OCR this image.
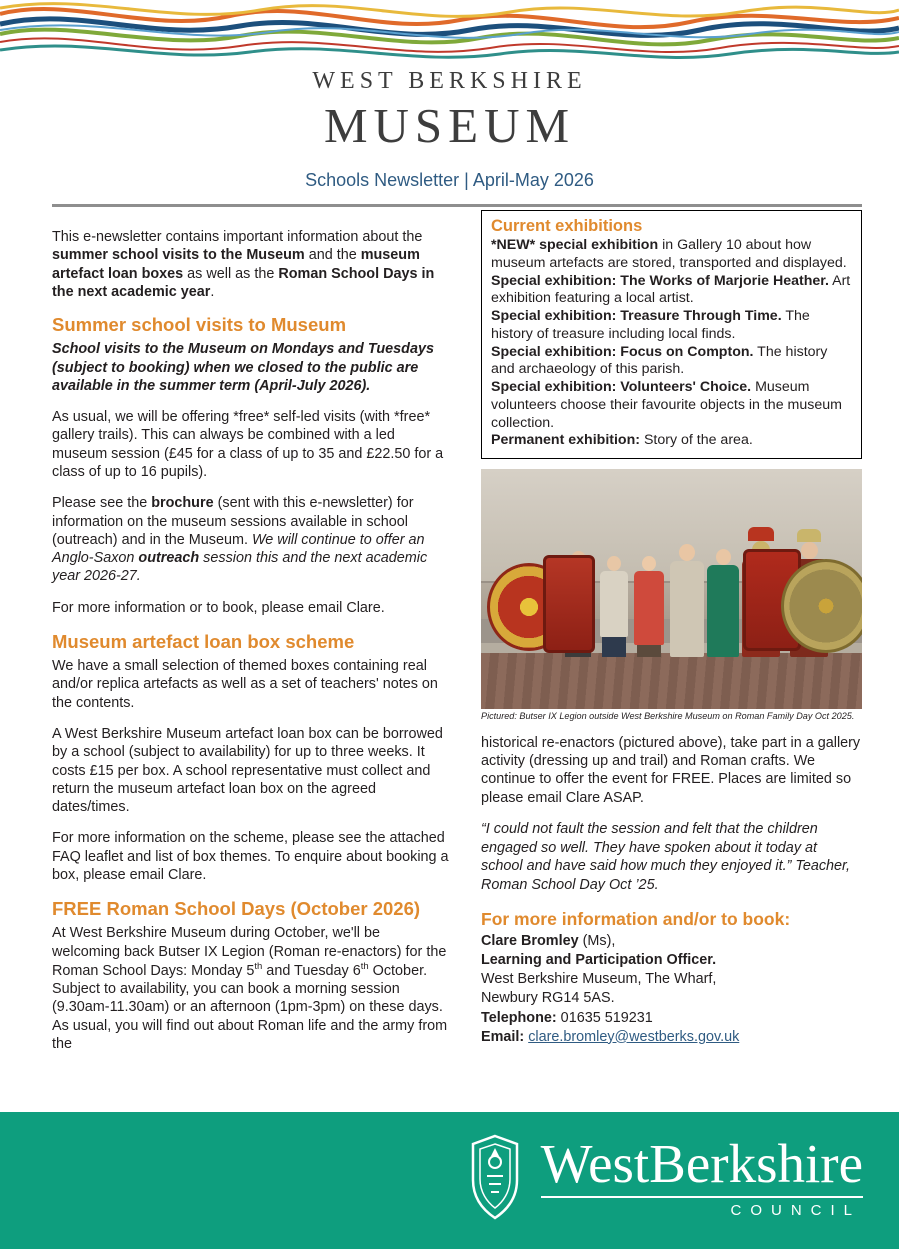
WEST BERKSHIRE
MUSEUM
Schools Newsletter | April-May 2026

This e-newsletter contains important information about the summer school visits to the Museum and the museum artefact loan boxes as well as the Roman School Days in the next academic year.

Summer school visits to Museum

School visits to the Museum on Mondays and Tuesdays (subject to booking) when we closed to the public are available in the summer term (April-July 2026).

As usual, we will be offering *free* self-led visits (with *free* gallery trails). This can always be combined with a led museum session (£45 for a class of up to 35 and £22.50 for a class of up to 16 pupils).

Please see the brochure (sent with this e-newsletter) for information on the museum sessions available in school (outreach) and in the Museum. We will continue to offer an Anglo-Saxon outreach session this and the next academic year 2026-27.

For more information or to book, please email Clare.

Museum artefact loan box scheme

We have a small selection of themed boxes containing real and/or replica artefacts as well as a set of teachers' notes on the contents.

A West Berkshire Museum artefact loan box can be borrowed by a school (subject to availability) for up to three weeks. It costs £15 per box. A school representative must collect and return the museum artefact loan box on the agreed dates/times.

For more information on the scheme, please see the attached FAQ leaflet and list of box themes. To enquire about booking a box, please email Clare.

FREE Roman School Days (October 2026)

At West Berkshire Museum during October, we'll be welcoming back Butser IX Legion (Roman re-enactors) for the Roman School Days: Monday 5th and Tuesday 6th October. Subject to availability, you can book a morning session (9.30am-11.30am) or an afternoon (1pm-3pm) on these days. As usual, you will find out about Roman life and the army from the

Current exhibitions

*NEW* special exhibition in Gallery 10 about how museum artefacts are stored, transported and displayed.

Special exhibition: The Works of Marjorie Heather. Art exhibition featuring a local artist.

Special exhibition: Treasure Through Time. The history of treasure including local finds.

Special exhibition: Focus on Compton. The history and archaeology of this parish.

Special exhibition: Volunteers' Choice. Museum volunteers choose their favourite objects in the museum collection.

Permanent exhibition: Story of the area.

Pictured: Butser IX Legion outside West Berkshire Museum on Roman Family Day Oct 2025.

historical re-enactors (pictured above), take part in a gallery activity (dressing up and trail) and Roman crafts. We continue to offer the event for FREE. Places are limited so please email Clare ASAP.

“I could not fault the session and felt that the children engaged so well. They have spoken about it today at school and have said how much they enjoyed it.” Teacher, Roman School Day Oct ’25.

For more information and/or to book:

Clare Bromley (Ms),

Learning and Participation Officer.

West Berkshire Museum, The Wharf,

Newbury RG14 5AS.

Telephone: 01635 519231

Email: clare.bromley@westberks.gov.uk

WestBerkshire
COUNCIL
